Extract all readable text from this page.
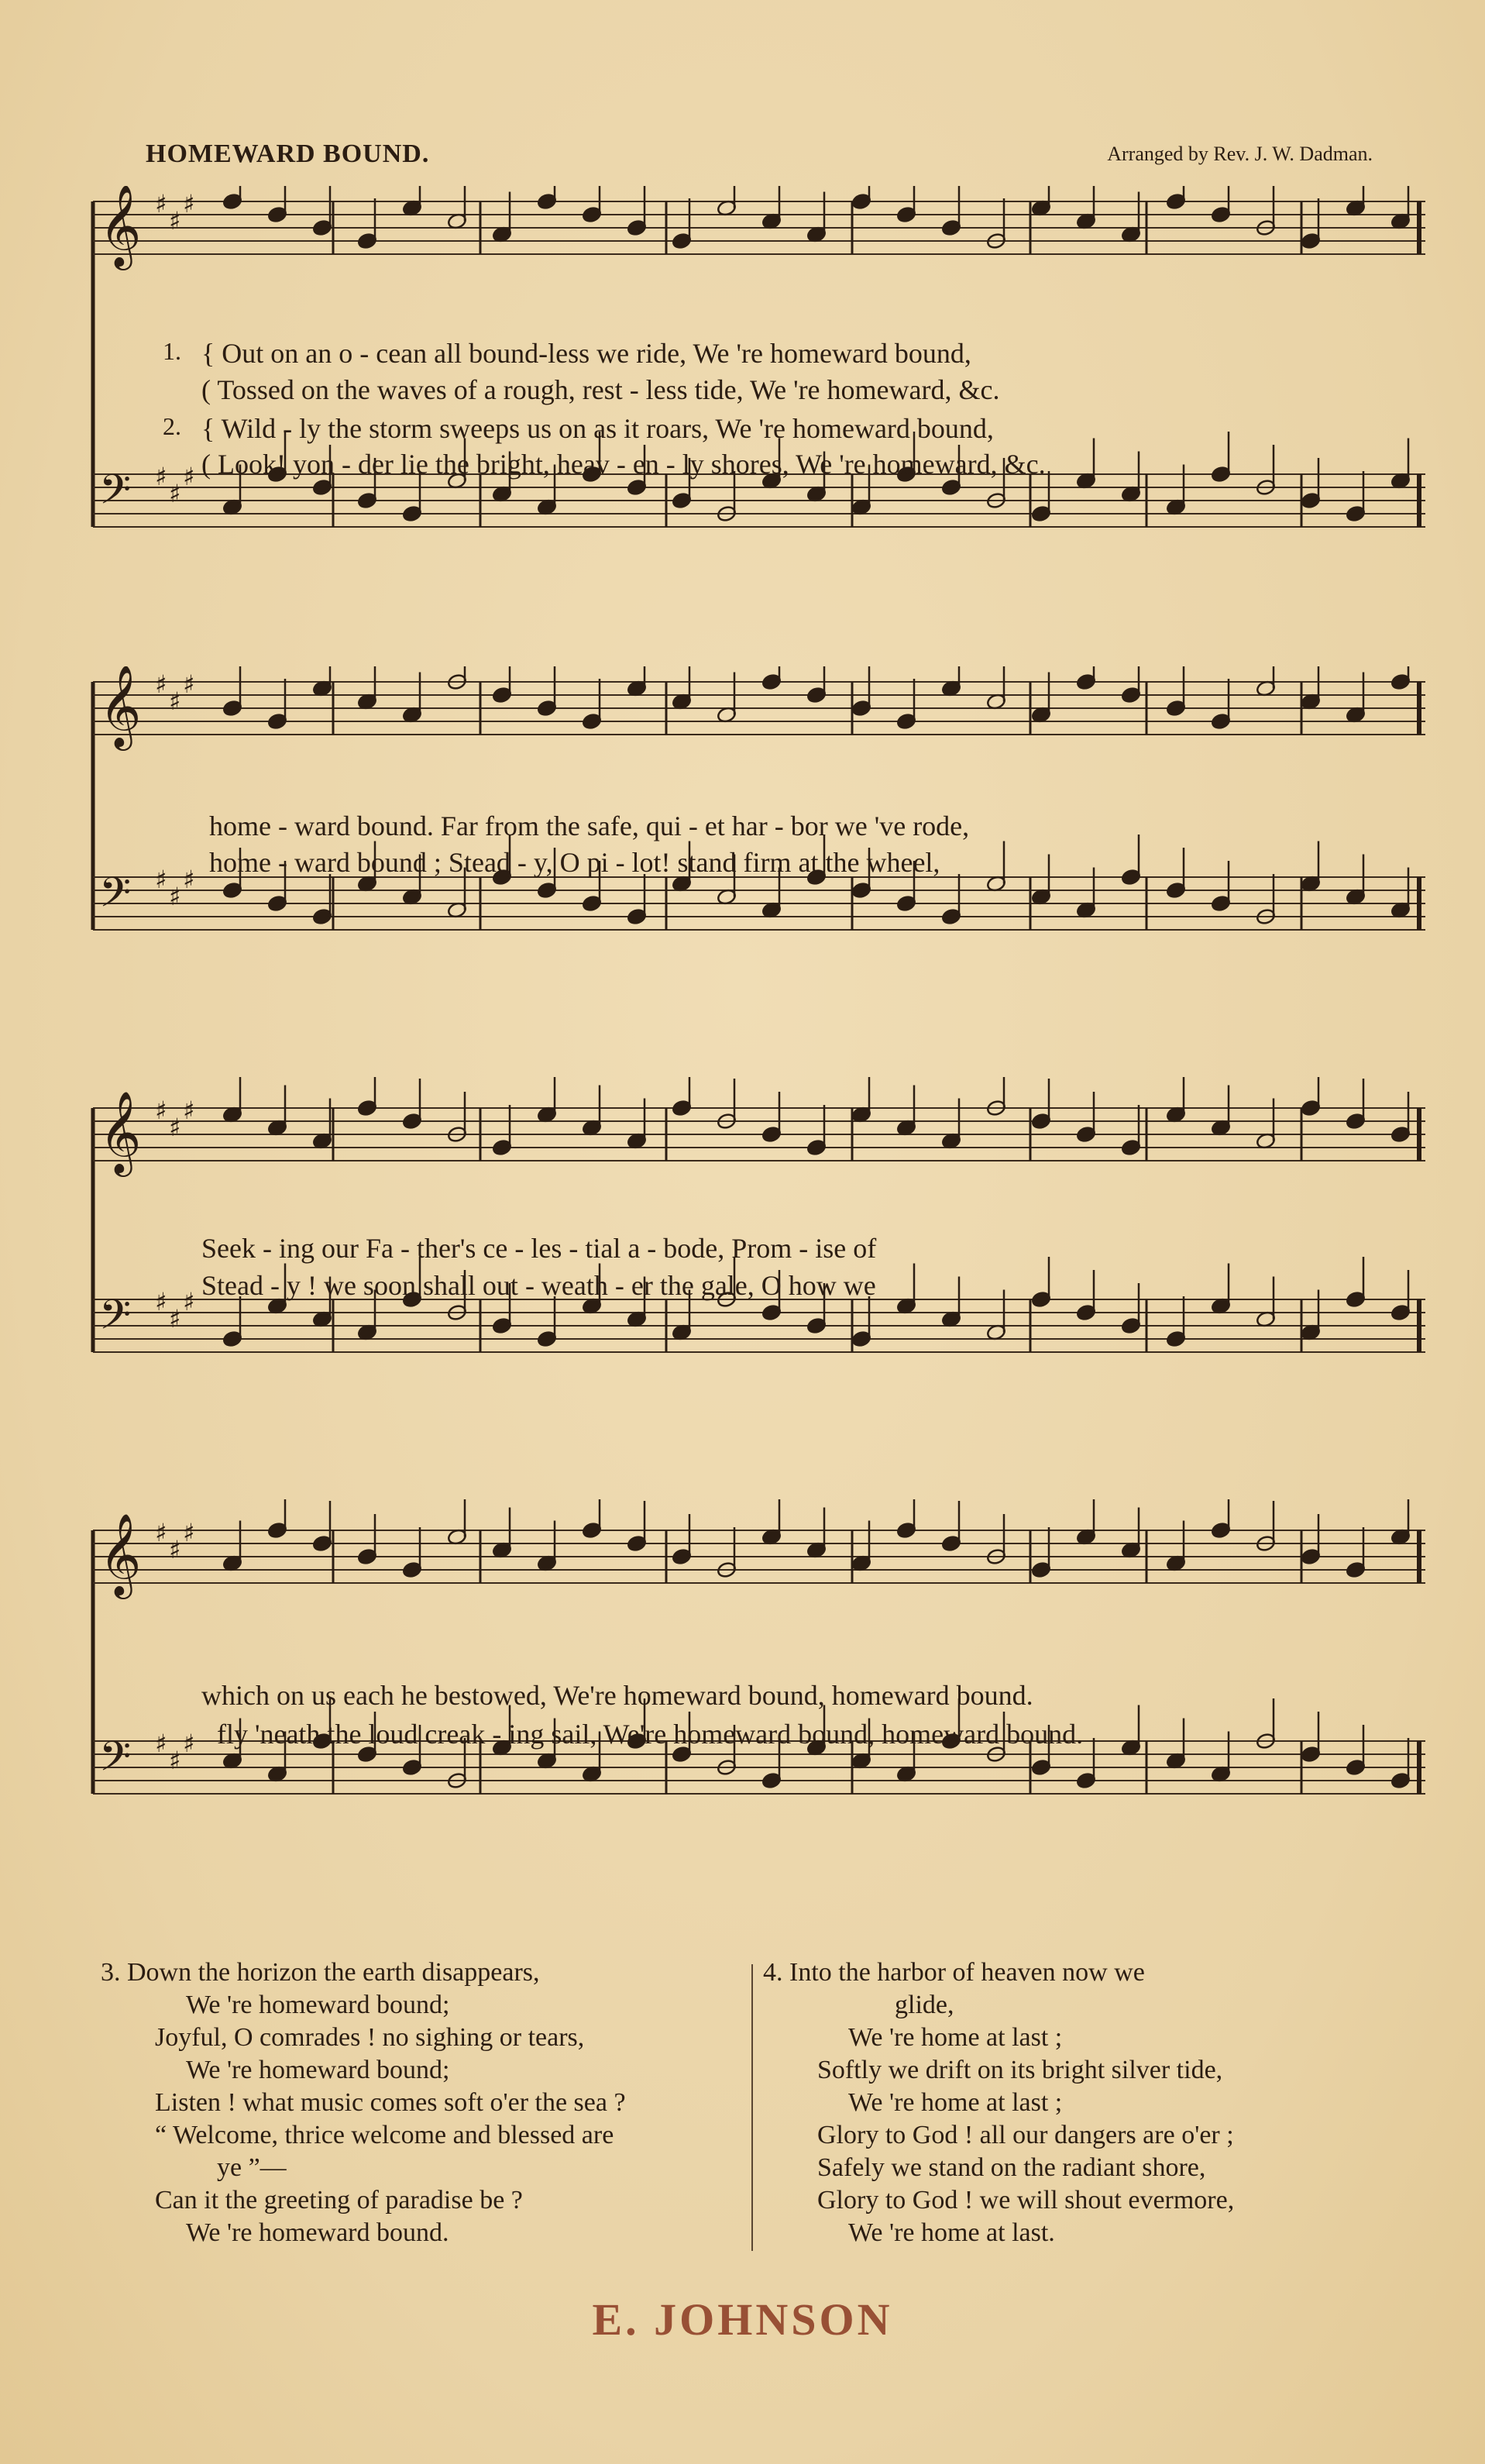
HOMEWARD BOUND.	Arranged by Rev. J. W. Dadman.
𝄞 ♯
♯
♯
𝄢 ♯
♯
♯
1. { Out on an o - cean all bound-less we ride, We 're homeward bound,
( Tossed on the waves of a rough, rest - less tide, We 're homeward, &c.
2. { Wild - ly the storm sweeps us on as it roars, We 're homeward bound,
( Look! yon - der lie the bright, heav - en - ly shores, We 're homeward, &c.
𝄞 ♯
♯
♯
𝄢 ♯
♯
♯
home - ward bound. Far from the safe, qui - et har - bor we 've rode,
home - ward bound ; Stead - y, O pi - lot! stand firm at the wheel,
𝄞 ♯
♯
♯
𝄢 ♯
♯
♯
Seek - ing our Fa - ther's ce - les - tial a - bode, Prom - ise of
Stead - y ! we soon shall out - weath - er the gale, O how we
𝄞 ♯
♯
♯
𝄢 ♯
♯
♯
which on us each he bestowed, We're homeward bound, homeward bound.
fly 'neath the loud creak - ing sail, We're homeward bound, homeward bound.
3. Down the horizon the earth disappears,
We 're homeward bound;
Joyful, O comrades ! no sighing or tears,
We 're homeward bound;
Listen ! what music comes soft o'er the sea ?
“ Welcome, thrice welcome and blessed are
ye ”—
Can it the greeting of paradise be ?
We 're homeward bound.
4. Into the harbor of heaven now we
glide,
We 're home at last ;
Softly we drift on its bright silver tide,
We 're home at last ;
Glory to God ! all our dangers are o'er ;
Safely we stand on the radiant shore,
Glory to God ! we will shout evermore,
We 're home at last.
E. JOHNSON
